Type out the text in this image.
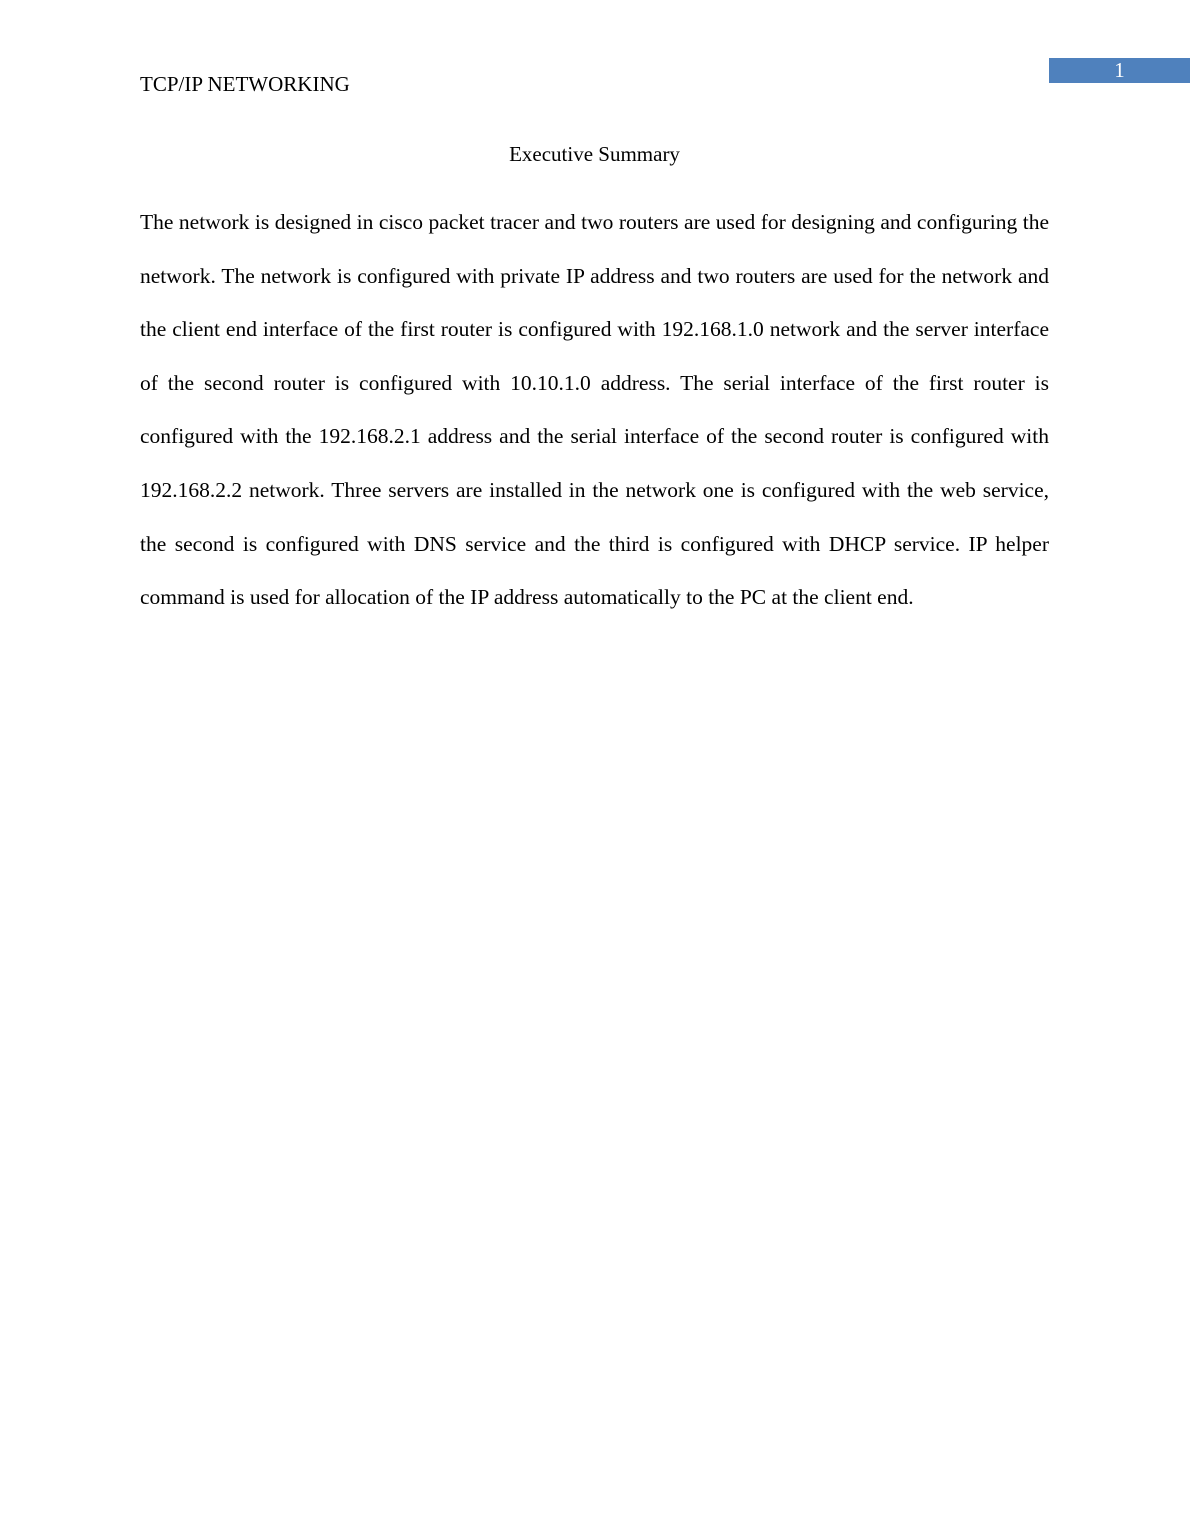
1
TCP/IP NETWORKING
Executive Summary

The network is designed in cisco packet tracer and two routers are used for designing and configuring the network. The network is configured with private IP address and two routers are used for the network and the client end interface of the first router is configured with 192.168.1.0 network and the server interface of the second router is configured with 10.10.1.0 address. The serial interface of the first router is configured with the 192.168.2.1 address and the serial interface of the second router is configured with 192.168.2.2 network. Three servers are installed in the network one is configured with the web service, the second is configured with DNS service and the third is configured with DHCP service. IP helper command is used for allocation of the IP address automatically to the PC at the client end.
